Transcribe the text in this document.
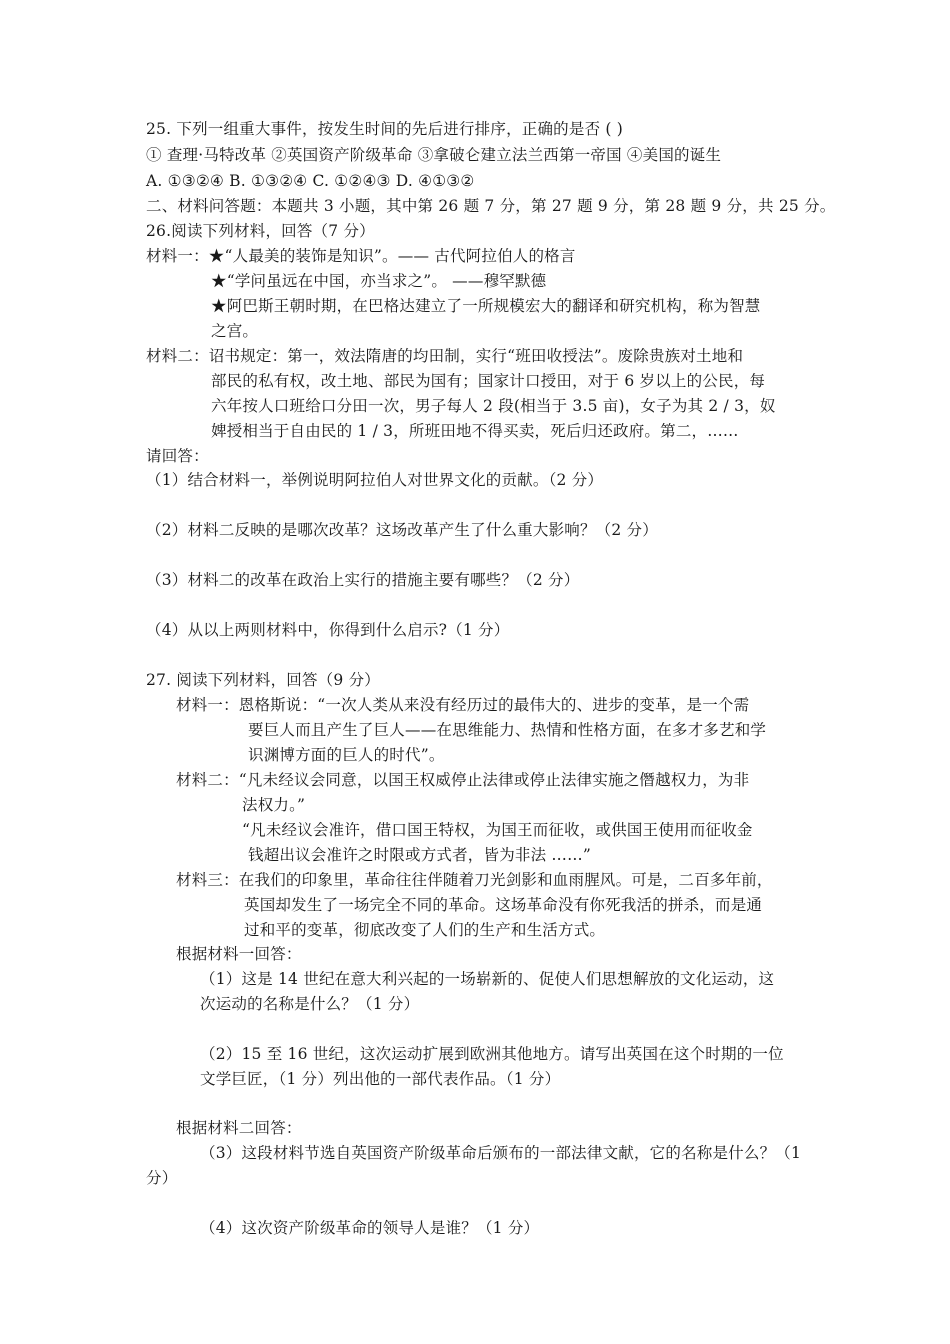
25. 下列一组重大事件，按发生时间的先后进行排序，正确的是否 ( )
① 查理·马特改革 ②英国资产阶级革命 ③拿破仑建立法兰西第一帝国 ④美国的诞生
A. ①③②④ B. ①③②④ C. ①②④③ D. ④①③②
二、材料问答题：本题共 3 小题，其中第 26 题 7 分，第 27 题 9 分，第 28 题 9 分，共 25 分。
26.阅读下列材料，回答（7 分）
材料一：★“人最美的装饰是知识”。—— 古代阿拉伯人的格言
★“学问虽远在中国，亦当求之”。 ——穆罕默德
★阿巴斯王朝时期，在巴格达建立了一所规模宏大的翻译和研究机构，称为智慧
之宫。
材料二：诏书规定：第一，效法隋唐的均田制，实行“班田收授法”。废除贵族对土地和
部民的私有权，改土地、部民为国有；国家计口授田，对于 6 岁以上的公民，每
六年按人口班给口分田一次，男子每人 2 段(相当于 3.5 亩)，女子为其 2 / 3，奴
婢授相当于自由民的 1 / 3，所班田地不得买卖，死后归还政府。第二，……
请回答：
（1）结合材料一，举例说明阿拉伯人对世界文化的贡献。（2 分）
（2）材料二反映的是哪次改革？这场改革产生了什么重大影响？（2 分）
（3）材料二的改革在政治上实行的措施主要有哪些？（2 分）
（4）从以上两则材料中，你得到什么启示?（1 分）
27. 阅读下列材料，回答（9 分）
材料一：恩格斯说：“一次人类从来没有经历过的最伟大的、进步的变革，是一个需
要巨人而且产生了巨人——在思维能力、热情和性格方面，在多才多艺和学
识渊博方面的巨人的时代”。
材料二：“凡未经议会同意，以国王权威停止法律或停止法律实施之僭越权力，为非
法权力。”
“凡未经议会准许，借口国王特权，为国王而征收，或供国王使用而征收金
钱超出议会准许之时限或方式者，皆为非法 ……”
材料三：在我们的印象里，革命往往伴随着刀光剑影和血雨腥风。可是，二百多年前，
英国却发生了一场完全不同的革命。这场革命没有你死我活的拼杀，而是通
过和平的变革，彻底改变了人们的生产和生活方式。
根据材料一回答：
（1）这是 14 世纪在意大利兴起的一场崭新的、促使人们思想解放的文化运动，这
次运动的名称是什么？（1 分）
（2）15 至 16 世纪，这次运动扩展到欧洲其他地方。请写出英国在这个时期的一位
文学巨匠，（1 分）列出他的一部代表作品。（1 分）
根据材料二回答：
（3）这段材料节选自英国资产阶级革命后颁布的一部法律文献，它的名称是什么？（1
分）
（4）这次资产阶级革命的领导人是谁？（1 分）
